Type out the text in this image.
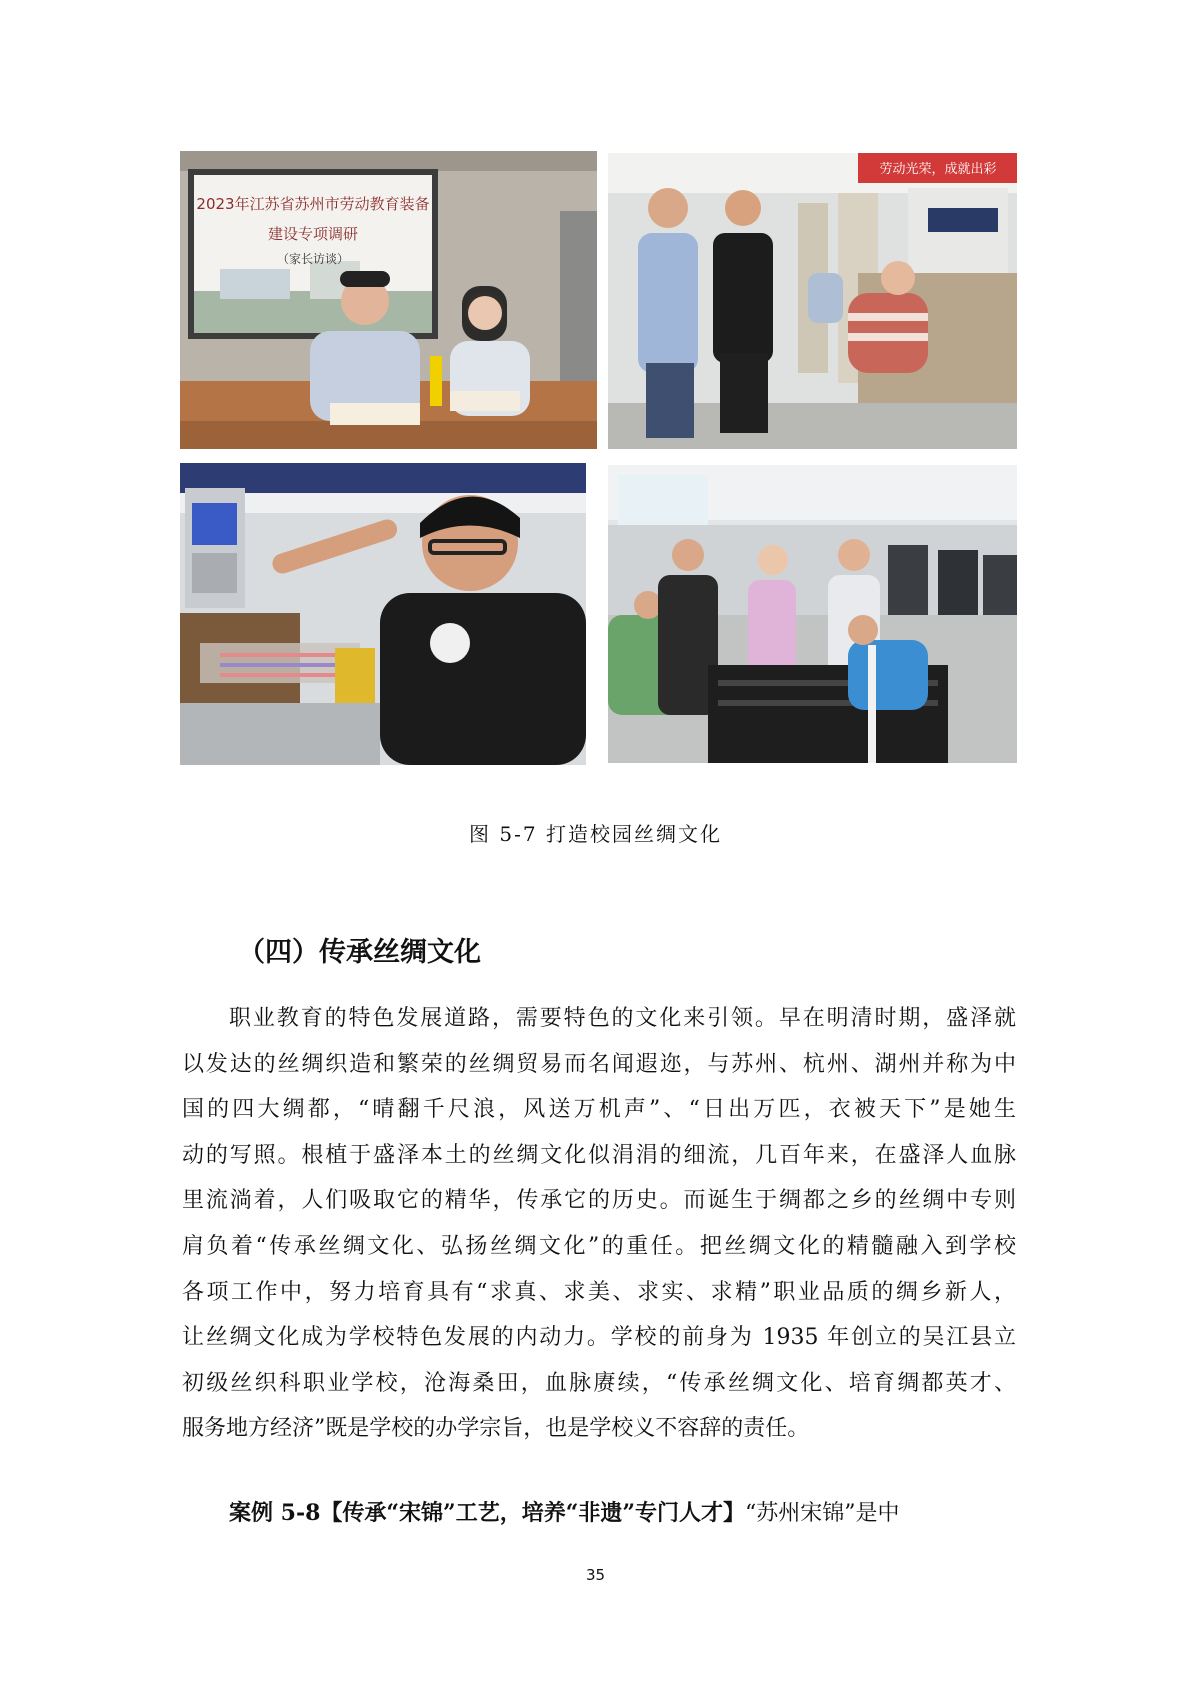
2023年江苏省苏州市劳动教育装备
建设专项调研
（家长访谈）
劳动光荣，成就出彩
图 5-7 打造校园丝绸文化
（四）传承丝绸文化
职业教育的特色发展道路，需要特色的文化来引领。早在明清时期，盛泽就
以发达的丝绸织造和繁荣的丝绸贸易而名闻遐迩，与苏州、杭州、湖州并称为中
国的四大绸都，“晴翻千尺浪，风送万机声”、“日出万匹，衣被天下”是她生
动的写照。根植于盛泽本土的丝绸文化似涓涓的细流，几百年来，在盛泽人血脉
里流淌着，人们吸取它的精华，传承它的历史。而诞生于绸都之乡的丝绸中专则
肩负着“传承丝绸文化、弘扬丝绸文化”的重任。把丝绸文化的精髓融入到学校
各项工作中，努力培育具有“求真、求美、求实、求精”职业品质的绸乡新人，
让丝绸文化成为学校特色发展的内动力。学校的前身为 1935 年创立的吴江县立
初级丝织科职业学校，沧海桑田，血脉赓续，“传承丝绸文化、培育绸都英才、
服务地方经济”既是学校的办学宗旨，也是学校义不容辞的责任。
案例 5-8【传承“宋锦”工艺，培养“非遗”专门人才】“苏州宋锦”是中
35
